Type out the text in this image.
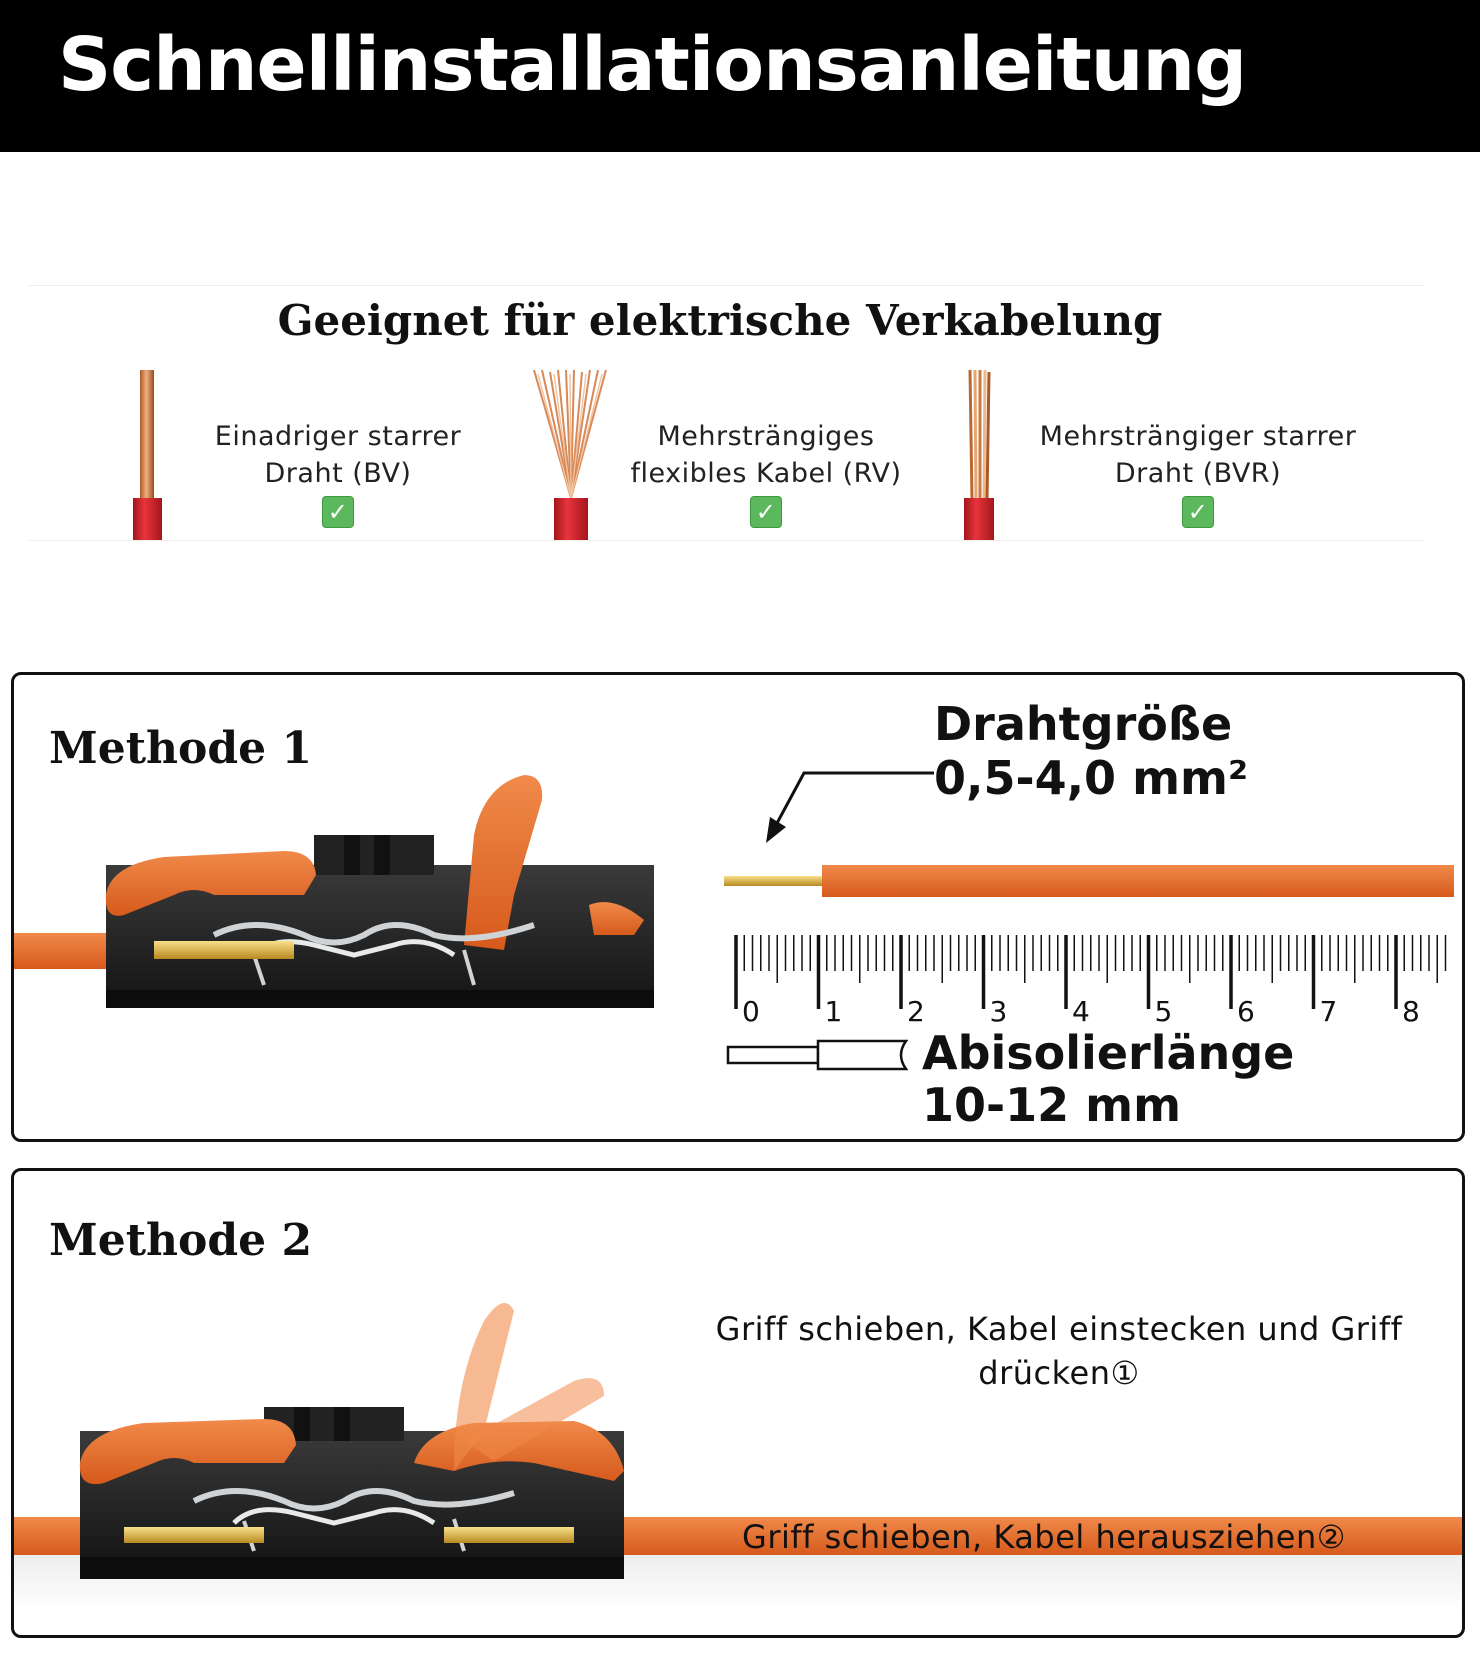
Schnellinstallationsanleitung
Geeignet für elektrische Verkabelung
Einadriger starrer
Draht (BV)
✓
Mehrsträngiges
flexibles Kabel (RV)
✓
Mehrsträngiger starrer
Draht (BVR)
✓
Methode 1	Drahtgröße
0,5-4,0 mm²
0 1 2 3 4 5 6 7 8
Abisolierlänge
10-12 mm
Methode 2
Griff schieben, Kabel einstecken und Griff drücken①
Griff schieben, Kabel herausziehen②
